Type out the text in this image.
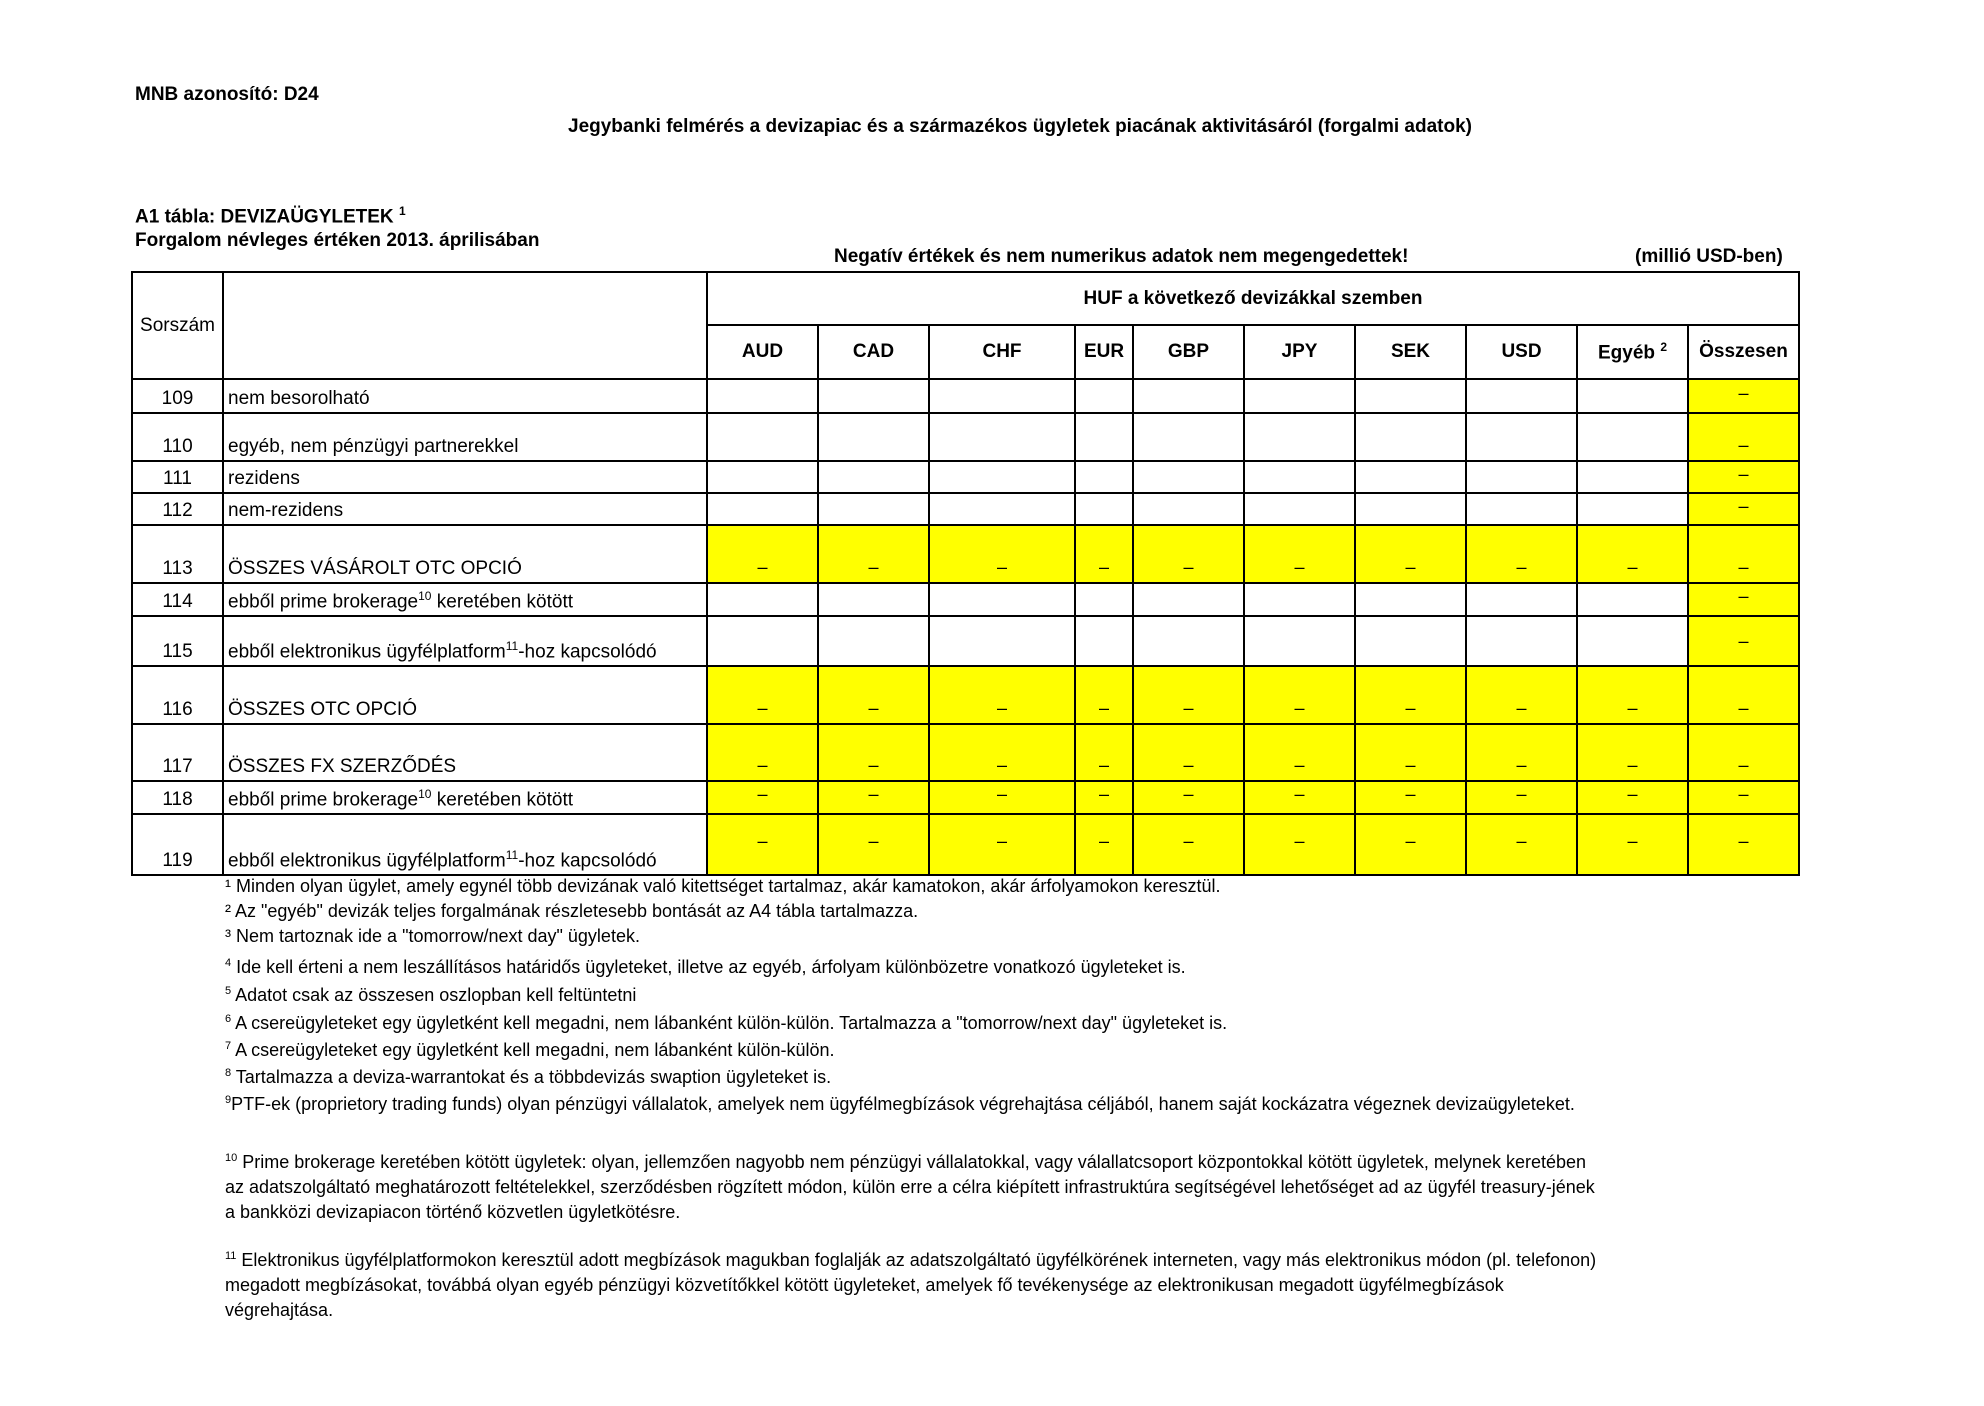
MNB azonosító: D24
Jegybanki felmérés a devizapiac és a származékos ügyletek piacának aktivitásáról (forgalmi adatok)
A1 tábla: DEVIZAÜGYLETEK $^1$
Forgalom névleges értéken 2013. áprilisában
Negatív értékek és nem numerikus adatok nem megengedettek!	(millió USD-ben)
Sorszám		HUF a következő devizákkal szemben									
		AUD	CAD	CHF	EUR	GBP	JPY	SEK	USD	Egyéb $^2$	Összesen
109	nem besorolható										–
110	egyéb, nem pénzügyi partnerekkel										–
111	rezidens										–
112	nem-rezidens										–
113	ÖSSZES VÁSÁROLT OTC OPCIÓ	–	–	–	–	–	–	–	–	–	–
114	ebből prime brokerage$^{10}$ keretében kötött										–
115	ebből elektronikus ügyfélplatform$^{11}$-hoz kapcsolódó										–
116	ÖSSZES OTC OPCIÓ	–	–	–	–	–	–	–	–	–	–
117	ÖSSZES FX SZERZŐDÉS	–	–	–	–	–	–	–	–	–	–
118	ebből prime brokerage$^{10}$ keretében kötött	–	–	–	–	–	–	–	–	–	–
119	ebből elektronikus ügyfélplatform$^{11}$-hoz kapcsolódó	–	–	–	–	–	–	–	–	–	–
¹ Minden olyan ügylet, amely egynél több devizának való kitettséget tartalmaz, akár kamatokon, akár árfolyamokon keresztül.
² Az "egyéb" devizák teljes forgalmának részletesebb bontását az A4 tábla tartalmazza.
³ Nem tartoznak ide a "tomorrow/next day" ügyletek.
$^4$ Ide kell érteni a nem leszállításos határidős ügyleteket, illetve az egyéb, árfolyam különbözetre vonatkozó ügyleteket is.
$^5$ Adatot csak az összesen oszlopban kell feltüntetni
$^6$ A csereügyleteket egy ügyletként kell megadni, nem lábanként külön-külön. Tartalmazza a "tomorrow/next day" ügyleteket is.
$^7$ A csereügyleteket egy ügyletként kell megadni, nem lábanként külön-külön.
$^8$ Tartalmazza a deviza-warrantokat és a többdevizás swaption ügyleteket is.
$^9$PTF-ek (proprietory trading funds) olyan pénzügyi vállalatok, amelyek nem ügyfélmegbízások végrehajtása céljából, hanem saját kockázatra végeznek devizaügyleteket.
$^{10}$ Prime brokerage keretében kötött ügyletek: olyan, jellemzően nagyobb nem pénzügyi vállalatokkal, vagy válallatcsoport központokkal kötött ügyletek, melynek keretében
az adatszolgáltató meghatározott feltételekkel, szerződésben rögzített módon, külön erre a célra kiépített infrastruktúra segítségével lehetőséget ad az ügyfél treasury-jének
a bankközi devizapiacon történő közvetlen ügyletkötésre.
$^{11}$ Elektronikus ügyfélplatformokon keresztül adott megbízások magukban foglalják az adatszolgáltató ügyfélkörének interneten, vagy más elektronikus módon (pl. telefonon)
megadott megbízásokat, továbbá olyan egyéb pénzügyi közvetítőkkel kötött ügyleteket, amelyek fő tevékenysége az elektronikusan megadott ügyfélmegbízások
végrehajtása.
